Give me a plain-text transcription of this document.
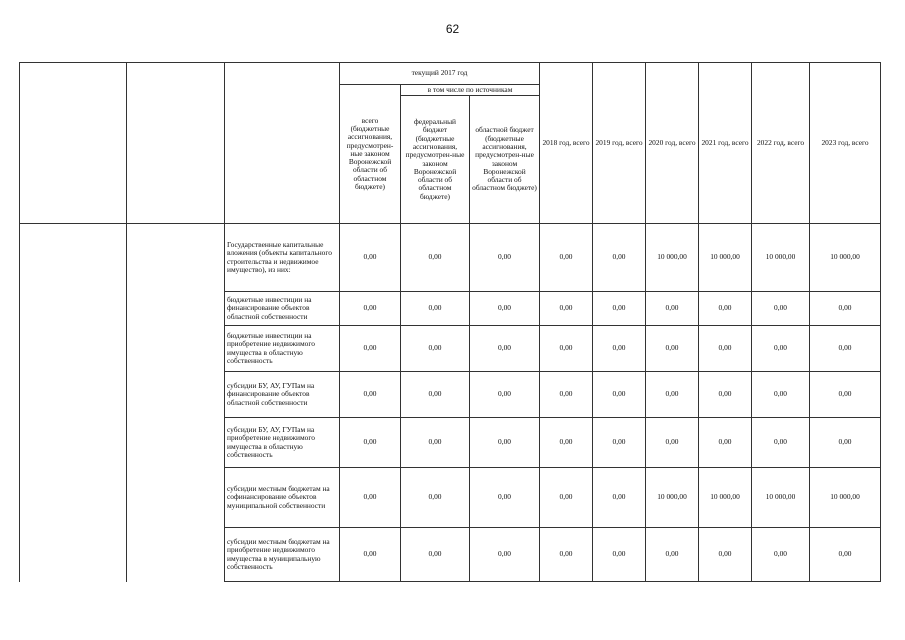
62
			текущий 2017 год			2018 год, всего	2019 год, всего	2020 год, всего	2021 год, всего	2022 год, всего	2023 год, всего
			всего (бюджетные ассигнования, предусмотрен-ные законом Воронежской области об областном бюджете)	в том числе по источникам							
				федеральный бюджет (бюджетные ассигнования, предусмотрен-ные законом Воронежской области об областном бюджете)	областной бюджет (бюджетные ассигнования, предусмотрен-ные законом Воронежской области об областном бюджете)						
		Государственные капитальные вложения (объекты капитального строительства и недвижимое имущество), из них:	0,00	0,00	0,00	0,00	0,00	10 000,00	10 000,00	10 000,00	10 000,00
		бюджетные инвестиции на финансирование объектов областной собственности	0,00	0,00	0,00	0,00	0,00	0,00	0,00	0,00	0,00
		бюджетные инвестиции на приобретение недвижимого имущества в областную собственность	0,00	0,00	0,00	0,00	0,00	0,00	0,00	0,00	0,00
		субсидии БУ, АУ, ГУПам на финансирование объектов областной собственности	0,00	0,00	0,00	0,00	0,00	0,00	0,00	0,00	0,00
		субсидии БУ, АУ, ГУПам на приобретение недвижимого имущества в областную собственность	0,00	0,00	0,00	0,00	0,00	0,00	0,00	0,00	0,00
		субсидии местным бюджетам на софинансирование объектов муниципальной собственности	0,00	0,00	0,00	0,00	0,00	10 000,00	10 000,00	10 000,00	10 000,00
		субсидии местным бюджетам на приобретение недвижимого имущества в муниципальную собственность	0,00	0,00	0,00	0,00	0,00	0,00	0,00	0,00	0,00
